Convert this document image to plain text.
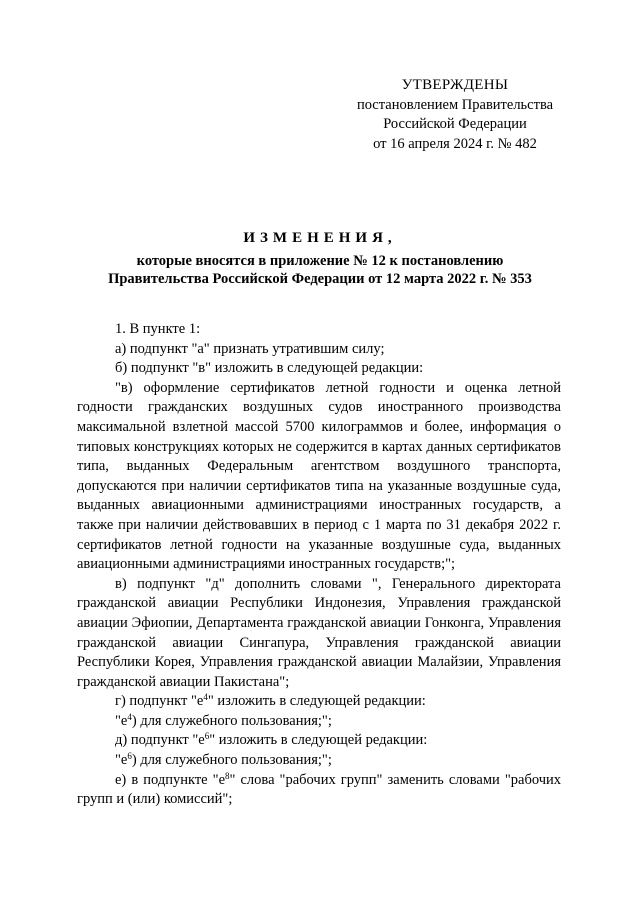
УТВЕРЖДЕНЫ
постановлением Правительства
Российской Федерации
от 16 апреля 2024 г. № 482
ИЗМЕНЕНИЯ,
которые вносятся в приложение № 12 к постановлению
Правительства Российской Федерации от 12 марта 2022 г. № 353

1. В пункте 1:

а) подпункт "а" признать утратившим силу;

б) подпункт "в" изложить в следующей редакции:

"в) оформление сертификатов летной годности и оценка летной годности гражданских воздушных судов иностранного производства максимальной взлетной массой 5700 килограммов и более, информация о типовых конструкциях которых не содержится в картах данных сертификатов типа, выданных Федеральным агентством воздушного транспорта, допускаются при наличии сертификатов типа на указанные воздушные суда, выданных авиационными администрациями иностранных государств, а также при наличии действовавших в период с 1 марта по 31 декабря 2022 г. сертификатов летной годности на указанные воздушные суда, выданных авиационными администрациями иностранных государств;";

в) подпункт "д" дополнить словами ", Генерального директората гражданской авиации Республики Индонезия, Управления гражданской авиации Эфиопии, Департамента гражданской авиации Гонконга, Управления гражданской авиации Сингапура, Управления гражданской авиации Республики Корея, Управления гражданской авиации Малайзии, Управления гражданской авиации Пакистана";

г) подпункт "$е^4$" изложить в следующей редакции:

"$е^4$) для служебного пользования;";

д) подпункт "$е^6$" изложить в следующей редакции:

"$е^6$) для служебного пользования;";

е) в подпункте "$е^8$" слова "рабочих групп" заменить словами "рабочих групп и (или) комиссий";
